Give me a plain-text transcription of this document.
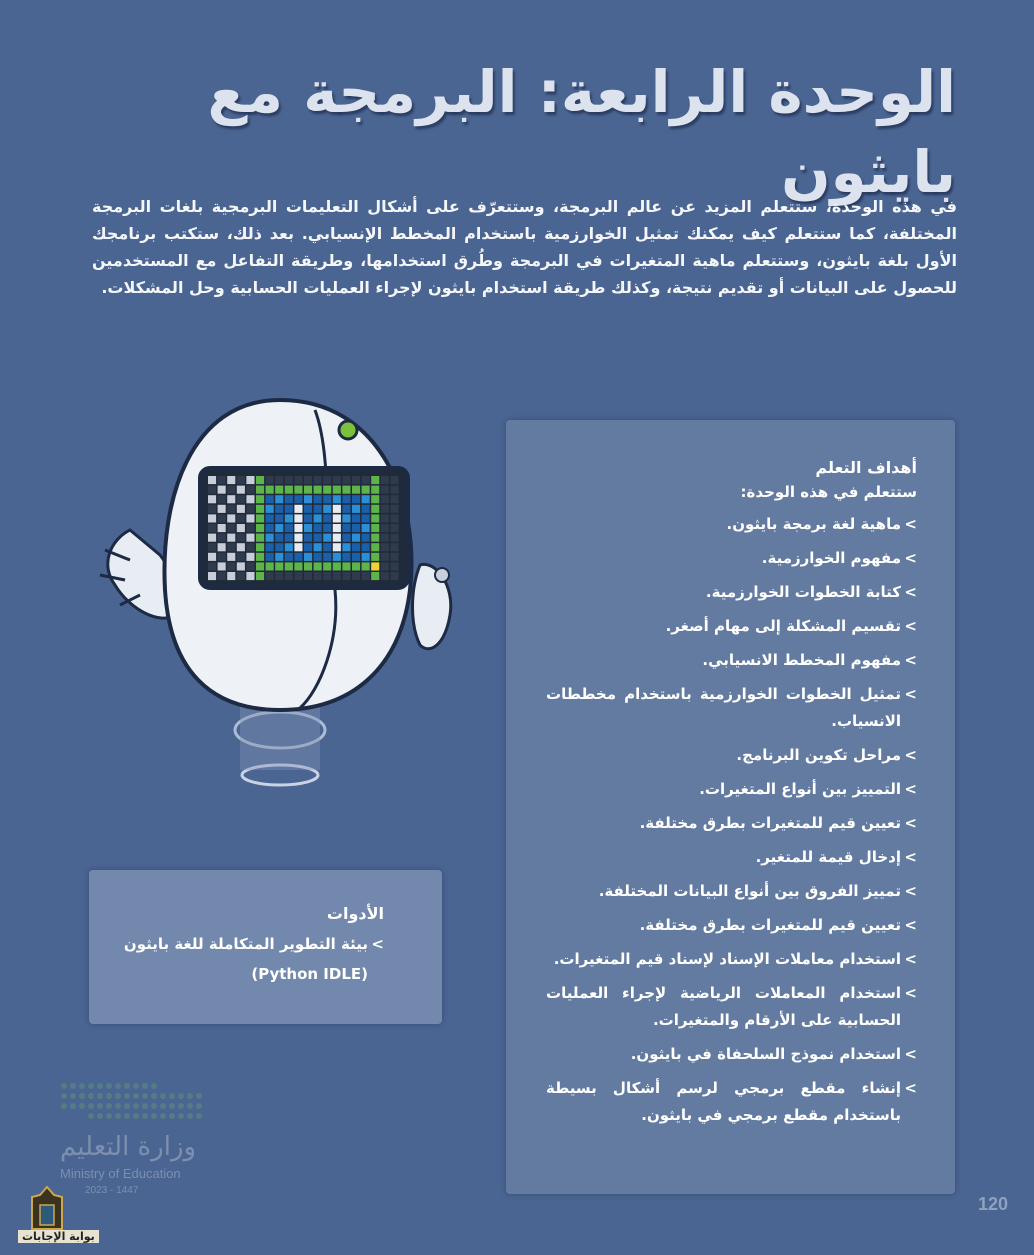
الوحدة الرابعة: البرمجة مع بايثون

في هذه الوحدة، ستتعلم المزيد عن عالم البرمجة، وستتعرّف على أشكال التعليمات البرمجية بلغات البرمجة المختلفة، كما ستتعلم كيف يمكنك تمثيل الخوارزمية باستخدام المخطط الإنسيابي. بعد ذلك، ستكتب برنامجك الأول بلغة بايثون، وستتعلم ماهية المتغيرات في البرمجة وطُرق استخدامها، وطريقة التفاعل مع المستخدمين للحصول على البيانات أو تقديم نتيجة، وكذلك طريقة استخدام بايثون لإجراء العمليات الحسابية وحل المشكلات.

أهداف التعلم

ستتعلم في هذه الوحدة:

> ماهية لغة برمجة بايثون.
> مفهوم الخوارزمية.
> كتابة الخطوات الخوارزمية.
> تقسيم المشكلة إلى مهام أصغر.
> مفهوم المخطط الانسيابي.
> تمثيل الخطوات الخوارزمية باستخدام مخططات الانسياب.
> مراحل تكوين البرنامج.
> التمييز بين أنواع المتغيرات.
> تعيين قيم للمتغيرات بطرق مختلفة.
> إدخال قيمة للمتغير.
> تمييز الفروق بين أنواع البيانات المختلفة.
> تعيين قيم للمتغيرات بطرق مختلفة.
> استخدام معاملات الإسناد لإسناد قيم المتغيرات.
> استخدام المعاملات الرياضية لإجراء العمليات الحسابية على الأرقام والمتغيرات.
> استخدام نموذج السلحفاة في بايثون.
> إنشاء مقطع برمجي لرسم أشكال بسيطة باستخدام مقطع برمجي في بايثون.
الأدوات
> بيئة التطوير المتكاملة للغة بايثون
(Python IDLE)
وزارة التعليم
Ministry of Education
2023 - 1447
بوابة الإجابات
120
